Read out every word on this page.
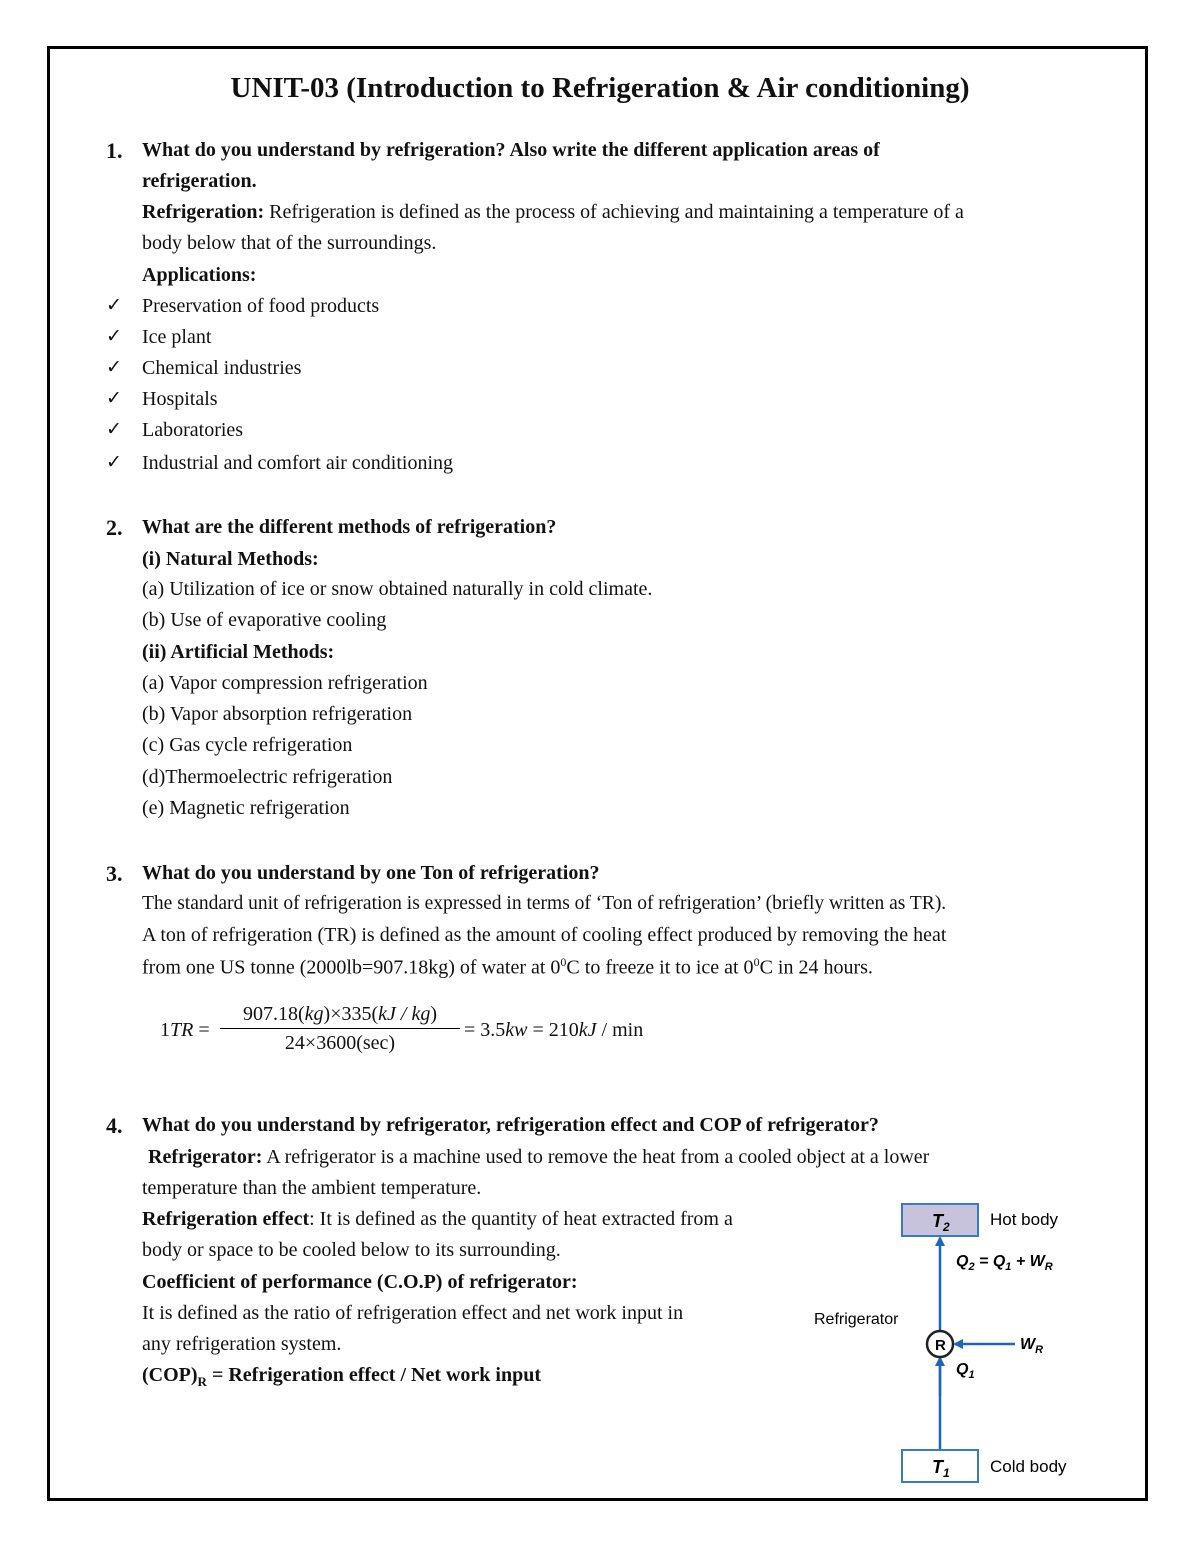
UNIT-03 (Introduction to Refrigeration & Air conditioning)
1. What do you understand by refrigeration? Also write the different application areas of
refrigeration.
Refrigeration: Refrigeration is defined as the process of achieving and maintaining a temperature of a
body below that of the surroundings.
Applications:
✓ Preservation of food products
✓ Ice plant
✓ Chemical industries
✓ Hospitals
✓ Laboratories
✓ Industrial and comfort air conditioning
2. What are the different methods of refrigeration?
(i) Natural Methods:
(a) Utilization of ice or snow obtained naturally in cold climate.
(b) Use of evaporative cooling
(ii) Artificial Methods:
(a) Vapor compression refrigeration
(b) Vapor absorption refrigeration
(c) Gas cycle refrigeration
(d)Thermoelectric refrigeration
(e) Magnetic refrigeration
3. What do you understand by one Ton of refrigeration?
The standard unit of refrigeration is expressed in terms of ‘Ton of refrigeration’ (briefly written as TR).
A ton of refrigeration (TR) is defined as the amount of cooling effect produced by removing the heat
from one US tonne (2000lb=907.18kg) of water at $0^0C$ to freeze it to ice at $0^0C$ in 24 hours.
1TR =
907.18(kg)×335(kJ / kg)
24×3600(sec)
= 3.5kw = 210kJ / min
4. What do you understand by refrigerator, refrigeration effect and COP of refrigerator?
Refrigerator: A refrigerator is a machine used to remove the heat from a cooled object at a lower
temperature than the ambient temperature.
Refrigeration effect: It is defined as the quantity of heat extracted from a
body or space to be cooled below to its surrounding.
Coefficient of performance (C.O.P) of refrigerator:
It is defined as the ratio of refrigeration effect and net work input in
any refrigeration system.
$(COP)_R$ = Refrigeration effect / Net work input
$T_2$ Hot body
$Q_2 = Q_1 + W_R$
Refrigerator
R	$W_R$
$Q_1$
$T_1$ Cold body
